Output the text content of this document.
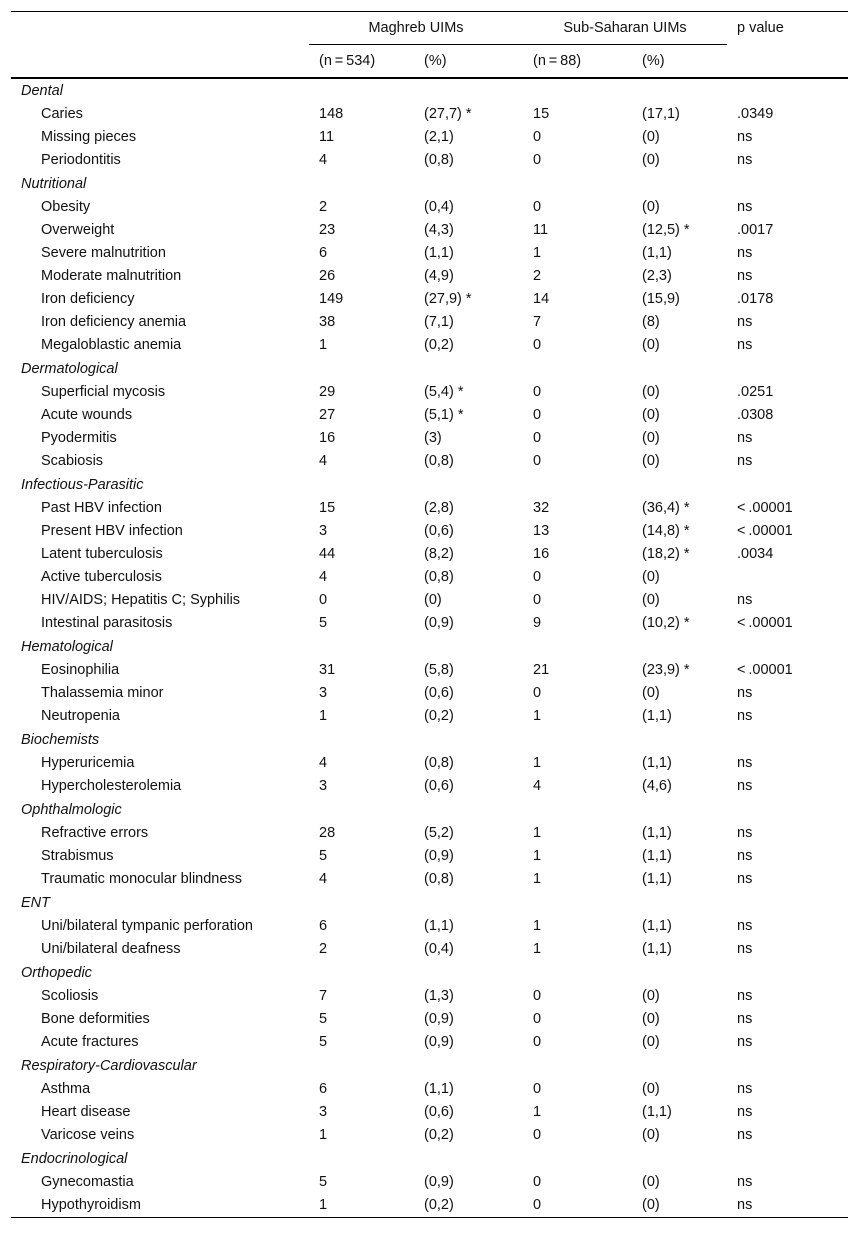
	Maghreb UIMs		Sub-Saharan UIMs		p value
	(n = 534)	(%)	(n = 88)	(%)	
Dental					
Caries	148	(27,7) *	15	(17,1)	.0349
Missing pieces	11	(2,1)	0	(0)	ns
Periodontitis	4	(0,8)	0	(0)	ns
Nutritional					
Obesity	2	(0,4)	0	(0)	ns
Overweight	23	(4,3)	11	(12,5) *	.0017
Severe malnutrition	6	(1,1)	1	(1,1)	ns
Moderate malnutrition	26	(4,9)	2	(2,3)	ns
Iron deficiency	149	(27,9) *	14	(15,9)	.0178
Iron deficiency anemia	38	(7,1)	7	(8)	ns
Megaloblastic anemia	1	(0,2)	0	(0)	ns
Dermatological					
Superficial mycosis	29	(5,4) *	0	(0)	.0251
Acute wounds	27	(5,1) *	0	(0)	.0308
Pyodermitis	16	(3)	0	(0)	ns
Scabiosis	4	(0,8)	0	(0)	ns
Infectious-Parasitic					
Past HBV infection	15	(2,8)	32	(36,4) *	< .00001
Present HBV infection	3	(0,6)	13	(14,8) *	< .00001
Latent tuberculosis	44	(8,2)	16	(18,2) *	.0034
Active tuberculosis	4	(0,8)	0	(0)	
HIV/AIDS; Hepatitis C; Syphilis	0	(0)	0	(0)	ns
Intestinal parasitosis	5	(0,9)	9	(10,2) *	< .00001
Hematological					
Eosinophilia	31	(5,8)	21	(23,9) *	< .00001
Thalassemia minor	3	(0,6)	0	(0)	ns
Neutropenia	1	(0,2)	1	(1,1)	ns
Biochemists					
Hyperuricemia	4	(0,8)	1	(1,1)	ns
Hypercholesterolemia	3	(0,6)	4	(4,6)	ns
Ophthalmologic					
Refractive errors	28	(5,2)	1	(1,1)	ns
Strabismus	5	(0,9)	1	(1,1)	ns
Traumatic monocular blindness	4	(0,8)	1	(1,1)	ns
ENT					
Uni/bilateral tympanic perforation	6	(1,1)	1	(1,1)	ns
Uni/bilateral deafness	2	(0,4)	1	(1,1)	ns
Orthopedic					
Scoliosis	7	(1,3)	0	(0)	ns
Bone deformities	5	(0,9)	0	(0)	ns
Acute fractures	5	(0,9)	0	(0)	ns
Respiratory-Cardiovascular					
Asthma	6	(1,1)	0	(0)	ns
Heart disease	3	(0,6)	1	(1,1)	ns
Varicose veins	1	(0,2)	0	(0)	ns
Endocrinological					
Gynecomastia	5	(0,9)	0	(0)	ns
Hypothyroidism	1	(0,2)	0	(0)	ns
